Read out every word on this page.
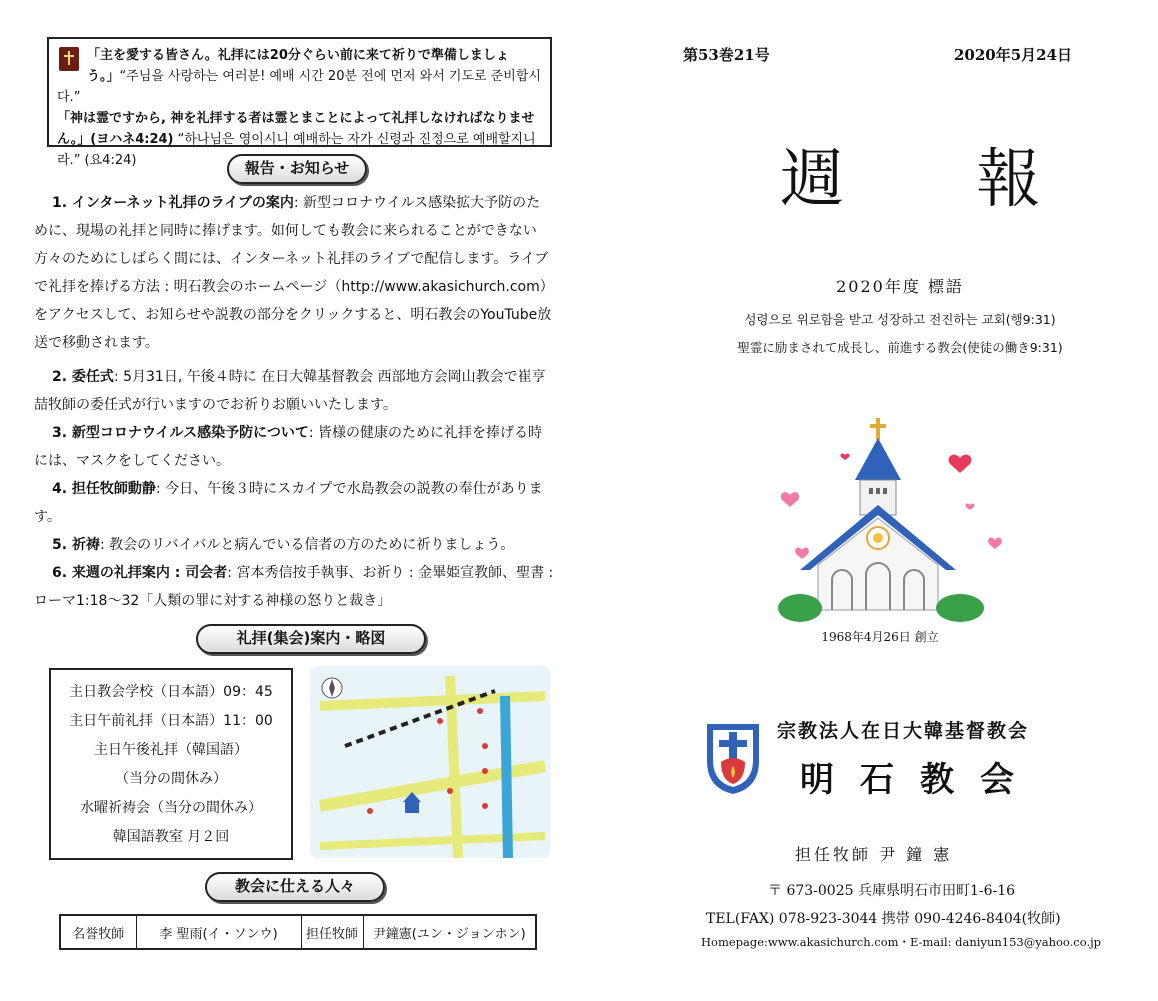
「主を愛する皆さん。礼拝には20分ぐらい前に来て祈りで準備しましょう。」“주님을 사랑하는 여러분! 예배 시간 20분 전에 먼저 와서 기도로 준비합시다.”

「神は霊ですから, 神を礼拝する者は霊とまことによって礼拝しなければなりません。」(ヨハネ4:24) “하나님은 영이시니 예배하는 자가 신령과 진정으로 예배할지니라.” (요4:24)	報告・お知らせ
1. インターネット礼拝のライブの案内: 新型コロナウイルス感染拡大予防のために、現場の礼拝と同時に捧げます。如何しても教会に来られることができない方々のためにしばらく間には、インターネット礼拝のライブで配信します。ライブで礼拝を捧げる方法 : 明石教会のホームページ（http://www.akasichurch.com）をアクセスして、お知らせや説教の部分をクリックすると、明石教会のYouTube放送で移動されます。
2. 委任式: 5月31日, 午後４時に 在日大韓基督教会 西部地方会岡山教会で崔亨喆牧師の委任式が行いますのでお祈りお願いいたします。
3. 新型コロナウイルス感染予防について: 皆様の健康のために礼拝を捧げる時には、マスクをしてください。
4. 担任牧師動静: 今日、午後３時にスカイプで水島教会の説教の奉仕があります。
5. 祈祷: 教会のリバイバルと病んでいる信者の方のために祈りましょう。
6. 来週の礼拝案内 : 司会者: 宮本秀信按手執事、お祈り : 金畢姫宣教師、聖書 : ローマ1:18～32「人類の罪に対する神様の怒りと裁き」
礼拝(集会)案内・略図
主日教会学校（日本語）09：45
主日午前礼拝（日本語）11：00
主日午後礼拝（韓国語）
（当分の間休み）
水曜祈祷会（当分の間休み）
韓国語教室 月２回
教会に仕える人々
名誉牧師	李 聖雨(イ・ソンウ)	担任牧師	尹鐘憲(ユン・ジョンホン)
第53巻21号	2020年5月24日
週 報
2020年度 標語
성령으로 위로함을 받고 성장하고 전진하는 교회(행9:31)
聖霊に励まされて成長し、前進する教会(使徒の働き9:31)
1968年4月26日 創立
宗教法人在日大韓基督教会
明石教会
担任牧師 尹 鐘 憲
〒 673-0025 兵庫県明石市田町1-6-16
TEL(FAX) 078-923-3044 携帯 090-4246-8404(牧師)
Homepage:www.akasichurch.com・E-mail: daniyun153@yahoo.co.jp
